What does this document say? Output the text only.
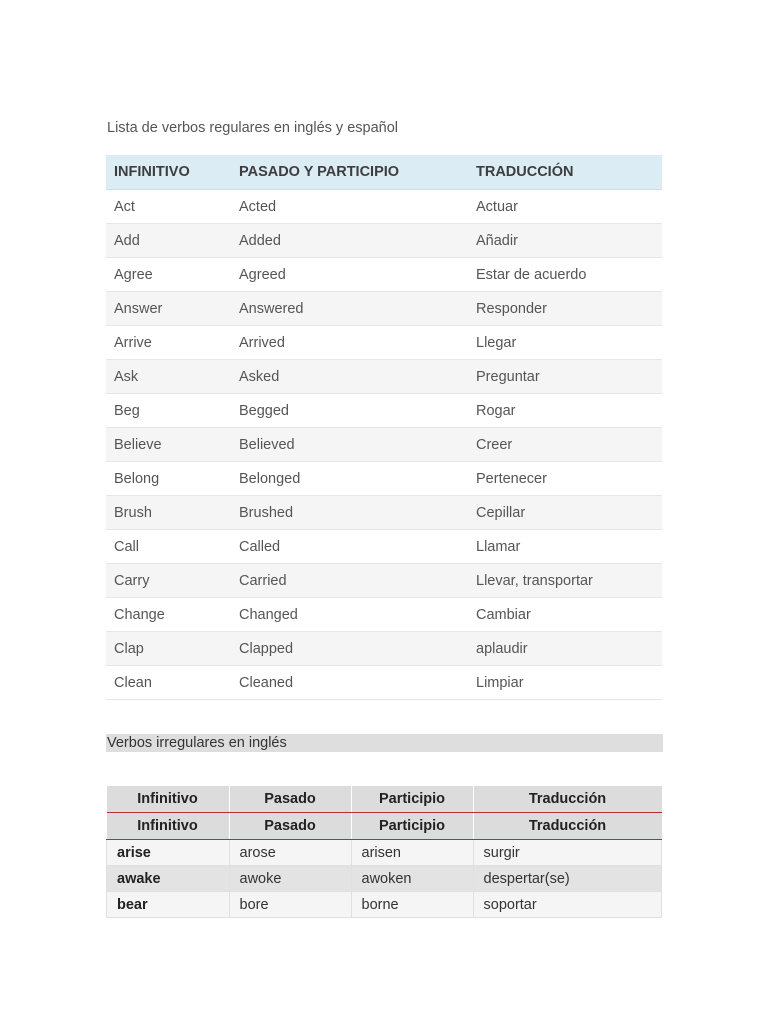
Lista de verbos regulares en inglés y español

INFINITIVO	PASADO Y PARTICIPIO	TRADUCCIÓN
Act	Acted	Actuar
Add	Added	Añadir
Agree	Agreed	Estar de acuerdo
Answer	Answered	Responder
Arrive	Arrived	Llegar
Ask	Asked	Preguntar
Beg	Begged	Rogar
Believe	Believed	Creer
Belong	Belonged	Pertenecer
Brush	Brushed	Cepillar
Call	Called	Llamar
Carry	Carried	Llevar, transportar
Change	Changed	Cambiar
Clap	Clapped	aplaudir
Clean	Cleaned	Limpiar
Verbos irregulares en inglés
Infinitivo	Pasado	Participio	Traducción
Infinitivo	Pasado	Participio	Traducción
arise	arose	arisen	surgir
awake	awoke	awoken	despertar(se)
bear	bore	borne	soportar
